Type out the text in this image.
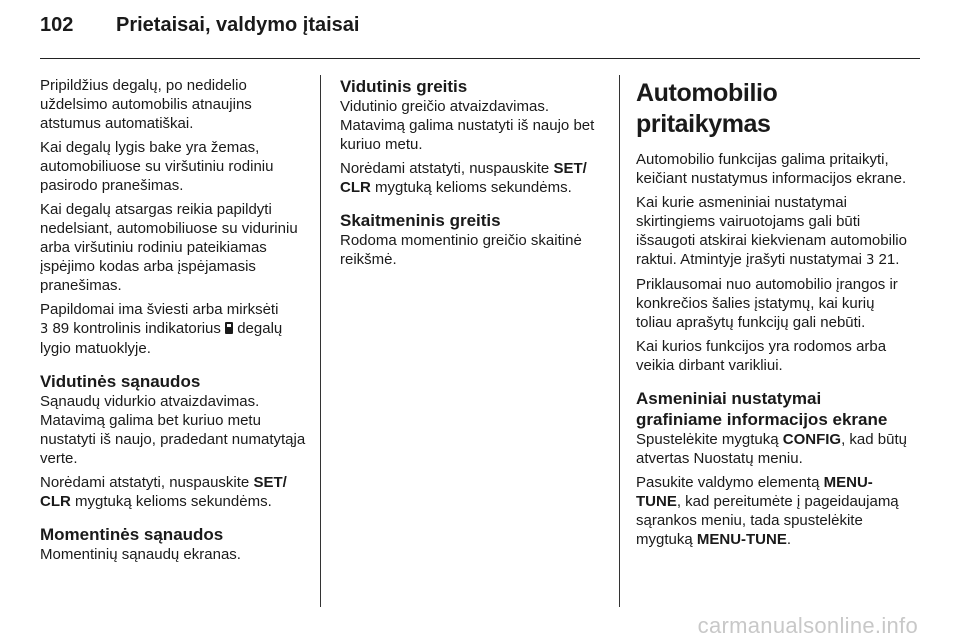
102	Prietaisai, valdymo įtaisai

Pripildžius degalų, po nedidelio uždelsimo automobilis atnaujins atstumus automatiškai.

Kai degalų lygis bake yra žemas, automobiliuose su viršutiniu rodiniu pasirodo pranešimas.

Kai degalų atsargas reikia papildyti nedelsiant, automobiliuose su viduriniu arba viršutiniu rodiniu pateikiamas įspėjimo kodas arba įspėjamasis pranešimas.

Papildomai ima šviesti arba mirksėti
3 89 kontrolinis indikatorius  degalų lygio matuoklyje.

Vidutinės sąnaudos

Sąnaudų vidurkio atvaizdavimas. Matavimą galima bet kuriuo metu nustatyti iš naujo, pradedant numatytąja verte.

Norėdami atstatyti, nuspauskite SET/ CLR mygtuką kelioms sekundėms.

Momentinės sąnaudos

Momentinių sąnaudų ekranas.

Vidutinis greitis

Vidutinio greičio atvaizdavimas. Matavimą galima nustatyti iš naujo bet kuriuo metu.

Norėdami atstatyti, nuspauskite SET/ CLR mygtuką kelioms sekundėms.

Skaitmeninis greitis

Rodoma momentinio greičio skaitinė reikšmė.

Automobilio pritaikymas

Automobilio funkcijas galima pritaikyti, keičiant nustatymus informacijos ekrane.

Kai kurie asmeniniai nustatymai skirtingiems vairuotojams gali būti išsaugoti atskirai kiekvienam automobilio raktui. Atmintyje įrašyti nustatymai 3 21.

Priklausomai nuo automobilio įrangos ir konkrečios šalies įstatymų, kai kurių toliau aprašytų funkcijų gali nebūti.

Kai kurios funkcijos yra rodomos arba veikia dirbant varikliui.

Asmeniniai nustatymai grafiniame informacijos ekrane

Spustelėkite mygtuką CONFIG, kad būtų atvertas Nuostatų meniu.

Pasukite valdymo elementą MENU-TUNE, kad pereitumėte į pageidaujamą sąrankos meniu, tada spustelėkite mygtuką MENU-TUNE.

carmanualsonline.info
